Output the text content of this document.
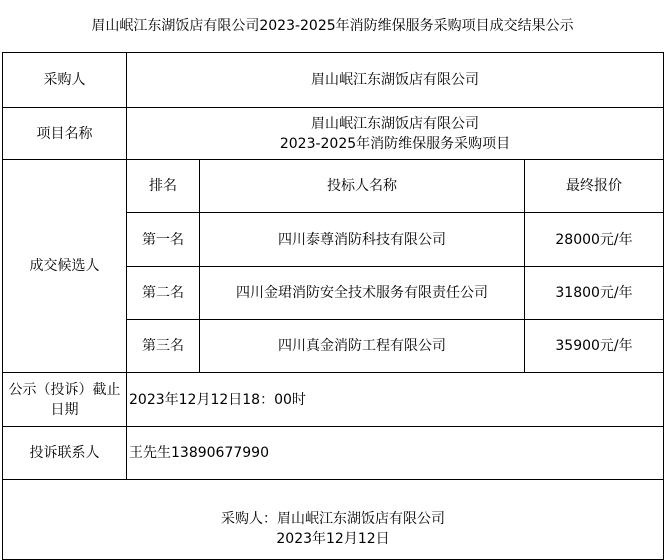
眉山岷江东湖饭店有限公司2023-2025年消防维保服务采购项目成交结果公示
采购人	眉山岷江东湖饭店有限公司		
项目名称	眉山岷江东湖饭店有限公司
2023-2025年消防维保服务采购项目		

成交候选人	排名	投标人名称	最终报价
	第一名	四川泰尊消防科技有限公司	28000元/年
	第二名	四川金珺消防安全技术服务有限责任公司	31800元/年
	第三名	四川真金消防工程有限公司	35900元/年
公示（投诉）截止日期	2023年12月12日18：00时		
投诉联系人	王先生13890677990		

采购人：眉山岷江东湖饭店有限公司
2023年12月12日			
